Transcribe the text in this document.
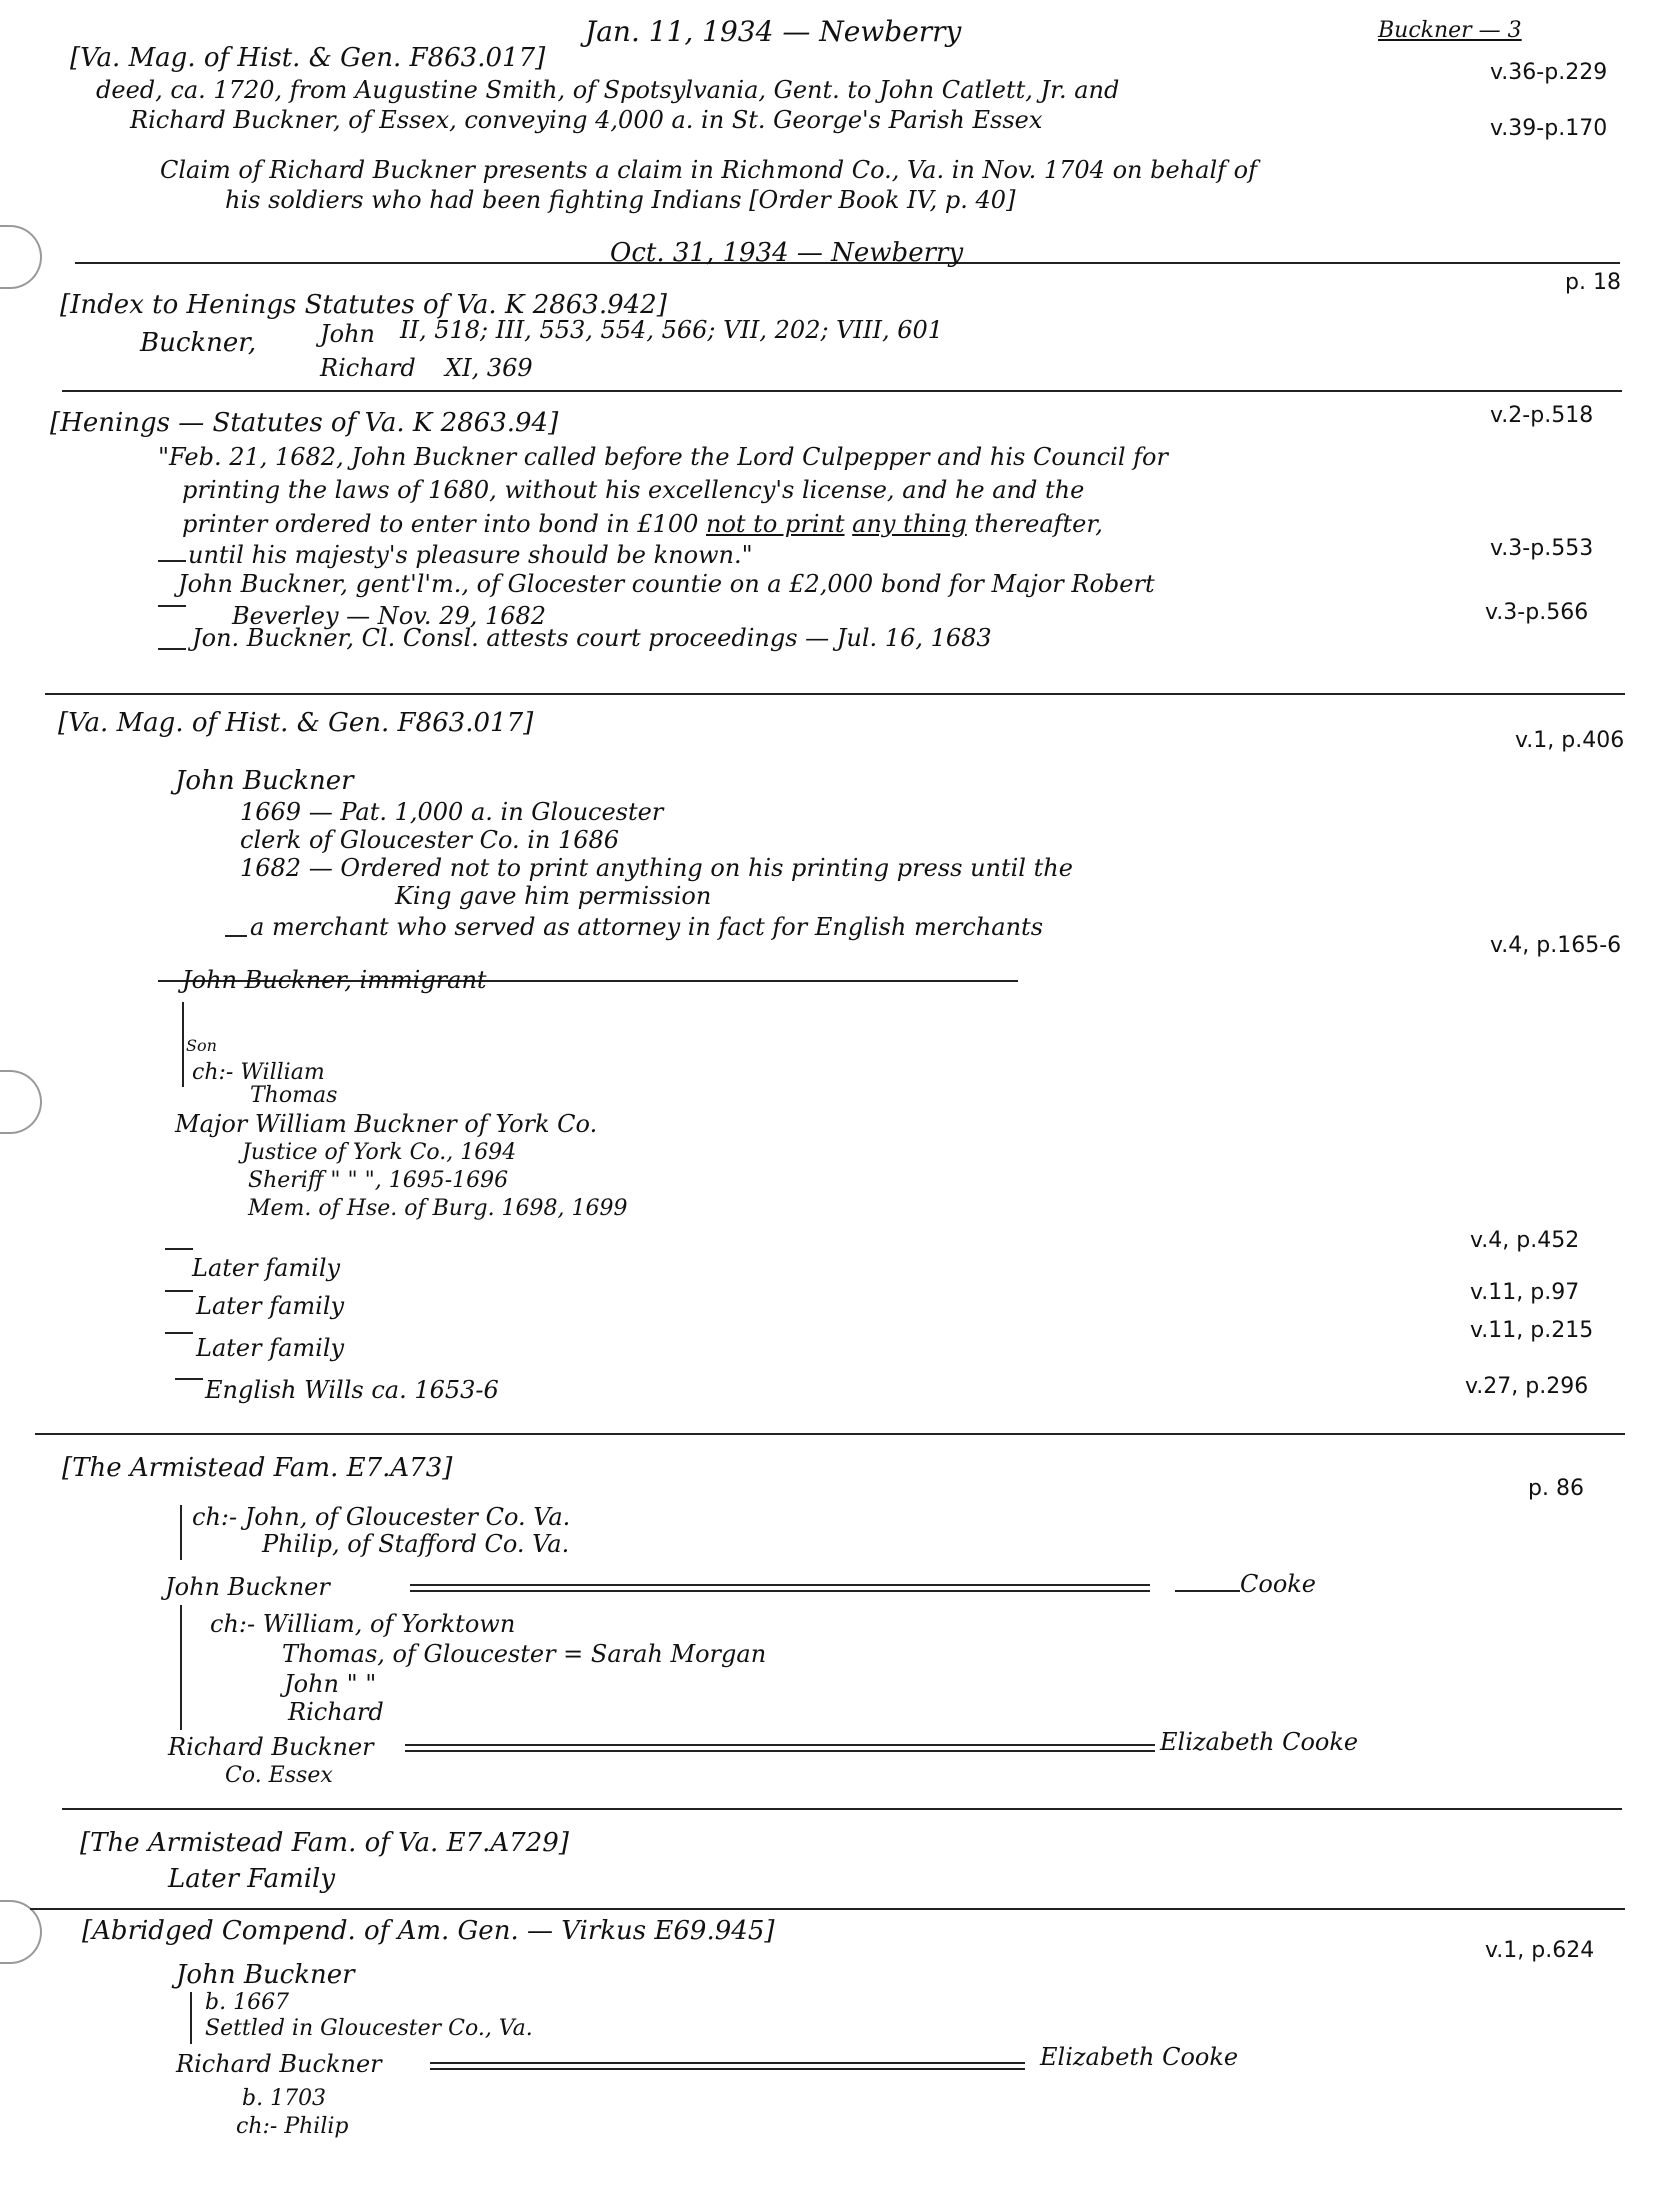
Jan. 11, 1934 — Newberry	Buckner — 3
[Va. Mag. of Hist. & Gen. F863.017]
deed, ca. 1720, from Augustine Smith, of Spotsylvania, Gent. to John Catlett, Jr. and
Richard Buckner, of Essex, conveying 4,000 a. in St. George's Parish Essex
Claim of Richard Buckner presents a claim in Richmond Co., Va. in Nov. 1704 on behalf of
his soldiers who had been fighting Indians [Order Book IV, p. 40]
v.36-p.229
v.39-p.170
Oct. 31, 1934 — Newberry
[Index to Henings Statutes of Va. K 2863.942]
Buckner,	John II, 518; III, 553, 554, 566; VII, 202; VIII, 601
Richard XI, 369
p. 18
[Henings — Statutes of Va. K 2863.94]
"Feb. 21, 1682, John Buckner called before the Lord Culpepper and his Council for
printing the laws of 1680, without his excellency's license, and he and the
printer ordered to enter into bond in £100 not to print any thing thereafter,
until his majesty's pleasure should be known."
John Buckner, gent'l'm., of Glocester countie on a £2,000 bond for Major Robert
Beverley — Nov. 29, 1682
Jon. Buckner, Cl. Consl. attests court proceedings — Jul. 16, 1683
v.2-p.518
v.3-p.553
v.3-p.566
[Va. Mag. of Hist. & Gen. F863.017]
John Buckner
1669 — Pat. 1,000 a. in Gloucester
clerk of Gloucester Co. in 1686
1682 — Ordered not to print anything on his printing press until the
King gave him permission
a merchant who served as attorney in fact for English merchants
v.1, p.406
v.4, p.165-6
John Buckner, immigrant
Son
ch:- William
Thomas
Major William Buckner of York Co.
Justice of York Co., 1694
Sheriff " " ", 1695-1696
Mem. of Hse. of Burg. 1698, 1699
Later family
Later family
Later family
English Wills ca. 1653-6
v.4, p.452
v.11, p.97
v.11, p.215
v.27, p.296
[The Armistead Fam. E7.A73]
p. 86
ch:- John, of Gloucester Co. Va.
Philip, of Stafford Co. Va.
John Buckner	Cooke
ch:- William, of Yorktown
Thomas, of Gloucester = Sarah Morgan
John " "
Richard
Richard Buckner	Elizabeth Cooke
Co. Essex
[The Armistead Fam. of Va. E7.A729]
Later Family
[Abridged Compend. of Am. Gen. — Virkus E69.945]
v.1, p.624
John Buckner
b. 1667
Settled in Gloucester Co., Va.
Richard Buckner	Elizabeth Cooke
b. 1703
ch:- Philip
